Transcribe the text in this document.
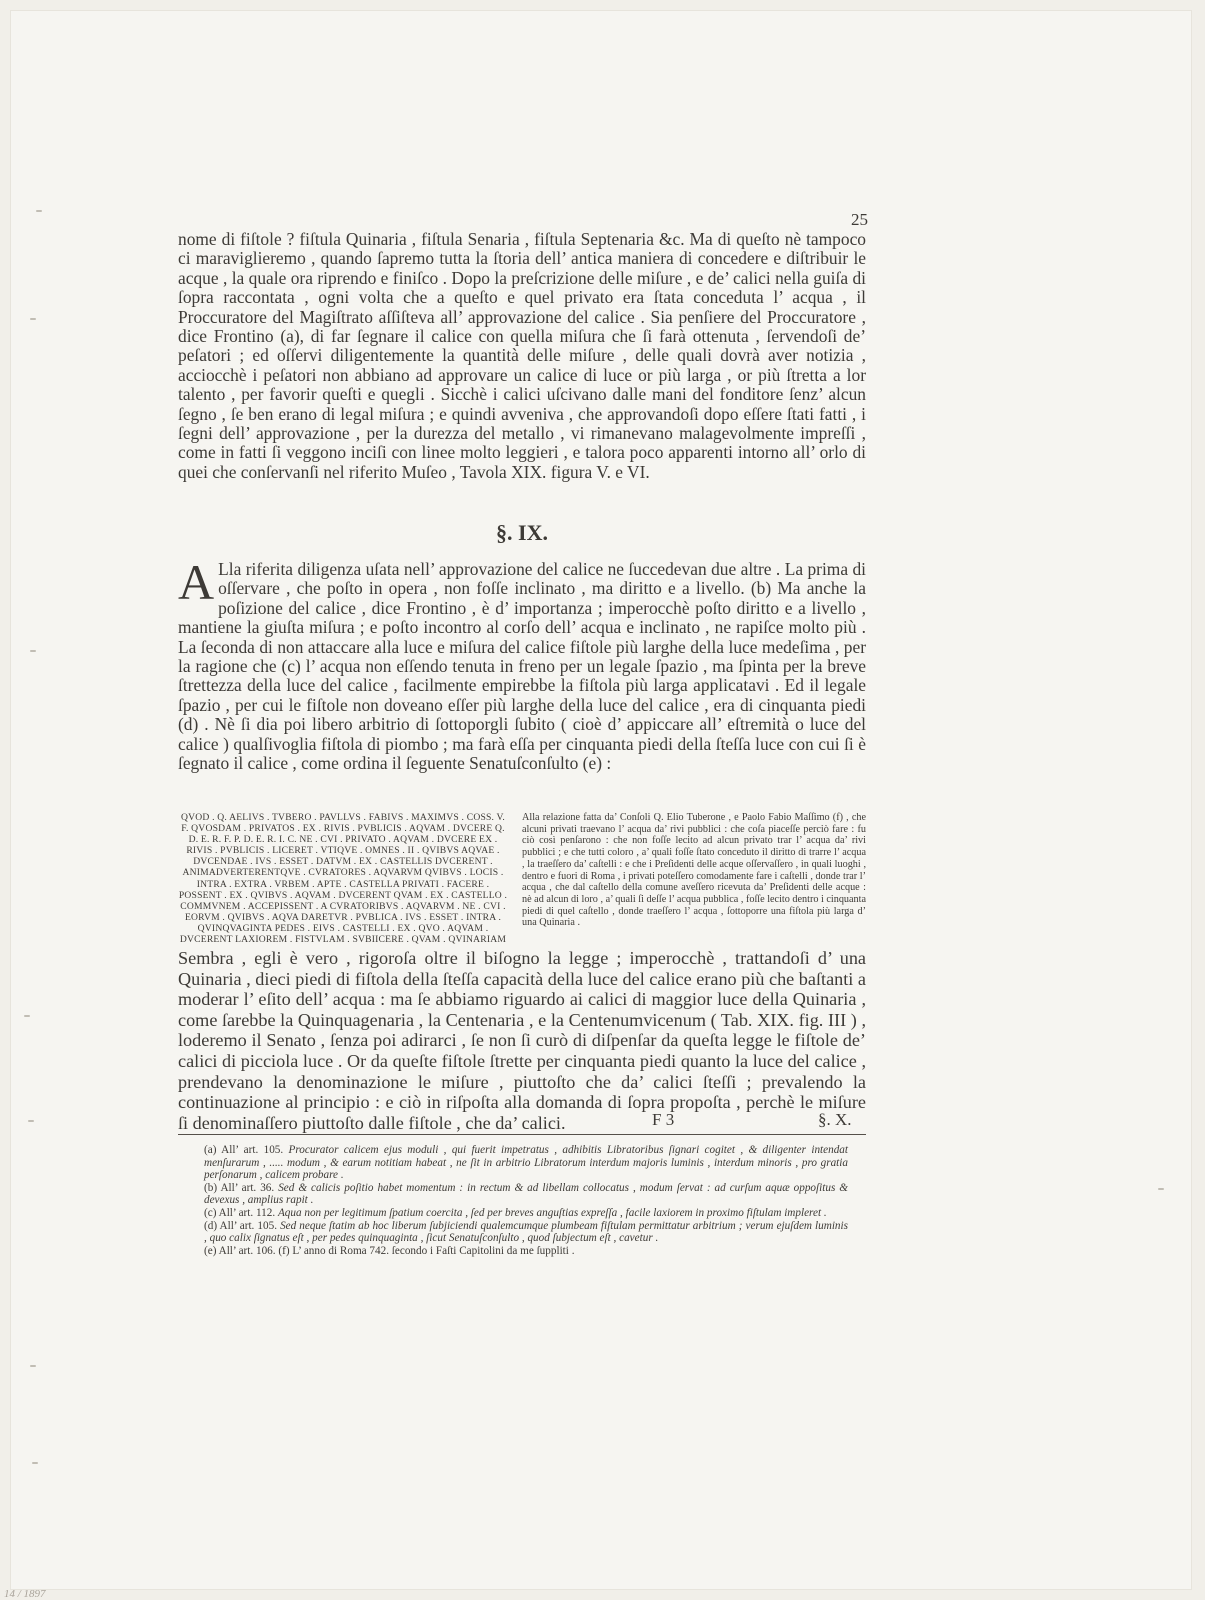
25

nome di fiſtole ? fiſtula Quinaria , fiſtula Senaria , fiſtula Septenaria &c. Ma di queſto nè tampoco ci maraviglieremo , quando ſapremo tutta la ſtoria dell’ antica maniera di concedere e diſtribuir le acque , la quale ora riprendo e finiſco . Dopo la preſcrizione delle miſure , e de’ calici nella guiſa di ſopra raccontata , ogni volta che a queſto e quel privato era ſtata conceduta l’ acqua , il Proccuratore del Magiſtrato aſſiſteva all’ approvazione del calice . Sia penſiere del Proccuratore , dice Frontino (a), di far ſegnare il calice con quella miſura che ſi farà ottenuta , ſervendoſi de’ peſatori ; ed oſſervi diligentemente la quantità delle miſure , delle quali dovrà aver notizia , acciocchè i peſatori non abbiano ad approvare un calice di luce or più larga , or più ſtretta a lor talento , per favorir queſti e quegli . Sicchè i calici uſcivano dalle mani del fonditore ſenz’ alcun ſegno , ſe ben erano di legal miſura ; e quindi avveniva , che approvandoſi dopo eſſere ſtati fatti , i ſegni dell’ approvazione , per la durezza del metallo , vi rimanevano malagevolmente impreſſi , come in fatti ſi veggono inciſi con linee molto leggieri , e talora poco apparenti intorno all’ orlo di quei che conſervanſi nel riferito Muſeo , Tavola XIX. figura V. e VI.

§. IX.
A Lla riferita diligenza uſata nell’ approvazione del calice ne ſuccedevan due altre . La prima di oſſervare , che poſto in opera , non foſſe inclinato , ma diritto e a livello. (b) Ma anche la poſizione del calice , dice Frontino , è d’ importanza ; imperocchè poſto diritto e a livello , mantiene la giuſta miſura ; e poſto incontro al corſo dell’ acqua e inclinato , ne rapiſce molto più . La ſeconda di non attaccare alla luce e miſura del calice fiſtole più larghe della luce medeſima , per la ragione che (c) l’ acqua non eſſendo tenuta in freno per un legale ſpazio , ma ſpinta per la breve ſtrettezza della luce del calice , facilmente empirebbe la fiſtola più larga applicatavi . Ed il legale ſpazio , per cui le fiſtole non doveano eſſer più larghe della luce del calice , era di cinquanta piedi (d) . Nè ſi dia poi libero arbitrio di ſottoporgli ſubito ( cioè d’ appiccare all’ eſtremità o luce del calice ) qualſivoglia fiſtola di piombo ; ma farà eſſa per cinquanta piedi della ſteſſa luce con cui ſi è ſegnato il calice , come ordina il ſeguente Senatuſconſulto (e) :
QVOD . Q. AELIVS . TVBERO . PAVLLVS . FABIVS . MAXIMVS . COSS. V. F. QVOSDAM . PRIVATOS . EX . RIVIS . PVBLICIS . AQVAM . DVCERE Q. D. E. R. F. P. D. E. R. I. C. NE . CVI . PRIVATO . AQVAM . DVCERE EX . RIVIS . PVBLICIS . LICERET . VTIQVE . OMNES . II . QVIBVS AQVAE . DVCENDAE . IVS . ESSET . DATVM . EX . CASTELLIS DVCERENT . ANIMADVERTERENTQVE . CVRATORES . AQVARVM QVIBVS . LOCIS . INTRA . EXTRA . VRBEM . APTE . CASTELLA PRIVATI . FACERE . POSSENT . EX . QVIBVS . AQVAM . DVCERENT QVAM . EX . CASTELLO . COMMVNEM . ACCEPISSENT . A CVRATORIBVS . AQVARVM . NE . CVI . EORVM . QVIBVS . AQVA DARETVR . PVBLICA . IVS . ESSET . INTRA . QVINQVAGINTA PEDES . EIVS . CASTELLI . EX . QVO . AQVAM . DVCERENT LAXIOREM . FISTVLAM . SVBIICERE . QVAM . QVINARIAM
Alla relazione fatta da’ Conſoli Q. Elio Tuberone , e Paolo Fabio Maſſimo (f) , che alcuni privati traevano l’ acqua da’ rivi pubblici : che coſa piaceſſe perciò fare : fu ciò così penſarono : che non foſſe lecito ad alcun privato trar l’ acqua da’ rivi pubblici ; e che tutti coloro , a’ quali foſſe ſtato conceduto il diritto di trarre l’ acqua , la traeſſero da’ caſtelli : e che i Preſidenti delle acque oſſervaſſero , in quali luoghi , dentro e fuori di Roma , i privati poteſſero comodamente fare i caſtelli , donde trar l’ acqua , che dal caſtello della comune aveſſero ricevuta da’ Preſidenti delle acque : nè ad alcun di loro , a’ quali ſi deſſe l’ acqua pubblica , foſſe lecito dentro i cinquanta piedi di quel caſtello , donde traeſſero l’ acqua , ſottoporre una fiſtola più larga d’ una Quinaria .

Sembra , egli è vero , rigoroſa oltre il biſogno la legge ; imperocchè , trattandoſi d’ una Quinaria , dieci piedi di fiſtola della ſteſſa capacità della luce del calice erano più che baſtanti a moderar l’ eſito dell’ acqua : ma ſe abbiamo riguardo ai calici di maggior luce della Quinaria , come ſarebbe la Quinquagenaria , la Centenaria , e la Centenumvicenum ( Tab. XIX. fig. III ) , loderemo il Senato , ſenza poi adirarci , ſe non ſi curò di diſpenſar da queſta legge le fiſtole de’ calici di picciola luce . Or da queſte fiſtole ſtrette per cinquanta piedi quanto la luce del calice , prendevano la denominazione le miſure , piuttoſto che da’ calici ſteſſi ; prevalendo la continuazione al principio : e ciò in riſpoſta alla domanda di ſopra propoſta , perchè le miſure ſi denominaſſero piuttoſto dalle fiſtole , che da’ calici.	F 3	§. X.

(a) All’ art. 105. Procurator calicem ejus moduli , qui fuerit impetratus , adhibitis Libratoribus ſignari cogitet , & diligenter intendat menſurarum , ..... modum , & earum notitiam habeat , ne ſit in arbitrio Libratorum interdum majoris luminis , interdum minoris , pro gratia perſonarum , calicem probare .

(b) All’ art. 36. Sed & calicis poſitio habet momentum : in rectum & ad libellam collocatus , modum ſervat : ad curſum aquæ oppoſitus & devexus , amplius rapit .

(c) All’ art. 112. Aqua non per legitimum ſpatium coercita , ſed per breves anguſtias expreſſa , facile laxiorem in proximo fiſtulam impleret .

(d) All’ art. 105. Sed neque ſtatim ab hoc liberum ſubjiciendi qualemcumque plumbeam fiſtulam permittatur arbitrium ; verum ejuſdem luminis , quo calix ſignatus eſt , per pedes quinquaginta , ſicut Senatuſconſulto , quod ſubjectum eſt , cavetur .

(e) All’ art. 106. (f) L’ anno di Roma 742. ſecondo i Faſti Capitolini da me ſuppliti .

14 / 1897
